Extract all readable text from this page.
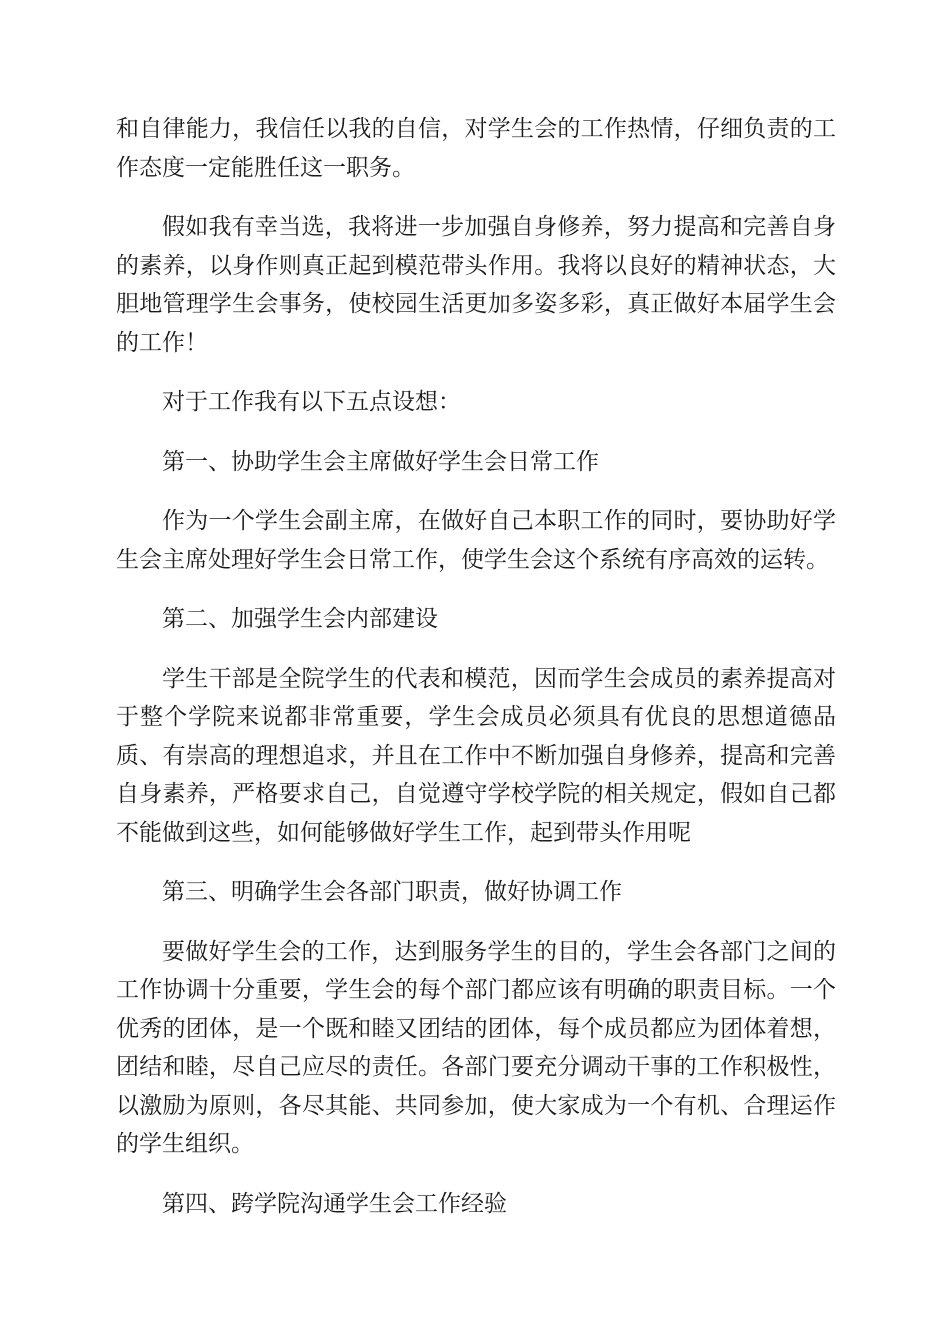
和自律能力，我信任以我的自信，对学生会的工作热情，仔细负责的工作态度一定能胜任这一职务。

假如我有幸当选，我将进一步加强自身修养，努力提高和完善自身的素养，以身作则真正起到模范带头作用。我将以良好的精神状态，大胆地管理学生会事务，使校园生活更加多姿多彩，真正做好本届学生会的工作！

对于工作我有以下五点设想：

第一、协助学生会主席做好学生会日常工作

作为一个学生会副主席，在做好自己本职工作的同时，要协助好学生会主席处理好学生会日常工作，使学生会这个系统有序高效的运转。

第二、加强学生会内部建设

学生干部是全院学生的代表和模范，因而学生会成员的素养提高对于整个学院来说都非常重要，学生会成员必须具有优良的思想道德品质、有崇高的理想追求，并且在工作中不断加强自身修养，提高和完善自身素养，严格要求自己，自觉遵守学校学院的相关规定，假如自己都不能做到这些，如何能够做好学生工作，起到带头作用呢

第三、明确学生会各部门职责，做好协调工作

要做好学生会的工作，达到服务学生的目的，学生会各部门之间的工作协调十分重要，学生会的每个部门都应该有明确的职责目标。一个优秀的团体，是一个既和睦又团结的团体，每个成员都应为团体着想，团结和睦，尽自己应尽的责任。各部门要充分调动干事的工作积极性，以激励为原则，各尽其能、共同参加，使大家成为一个有机、合理运作的学生组织。

第四、跨学院沟通学生会工作经验
